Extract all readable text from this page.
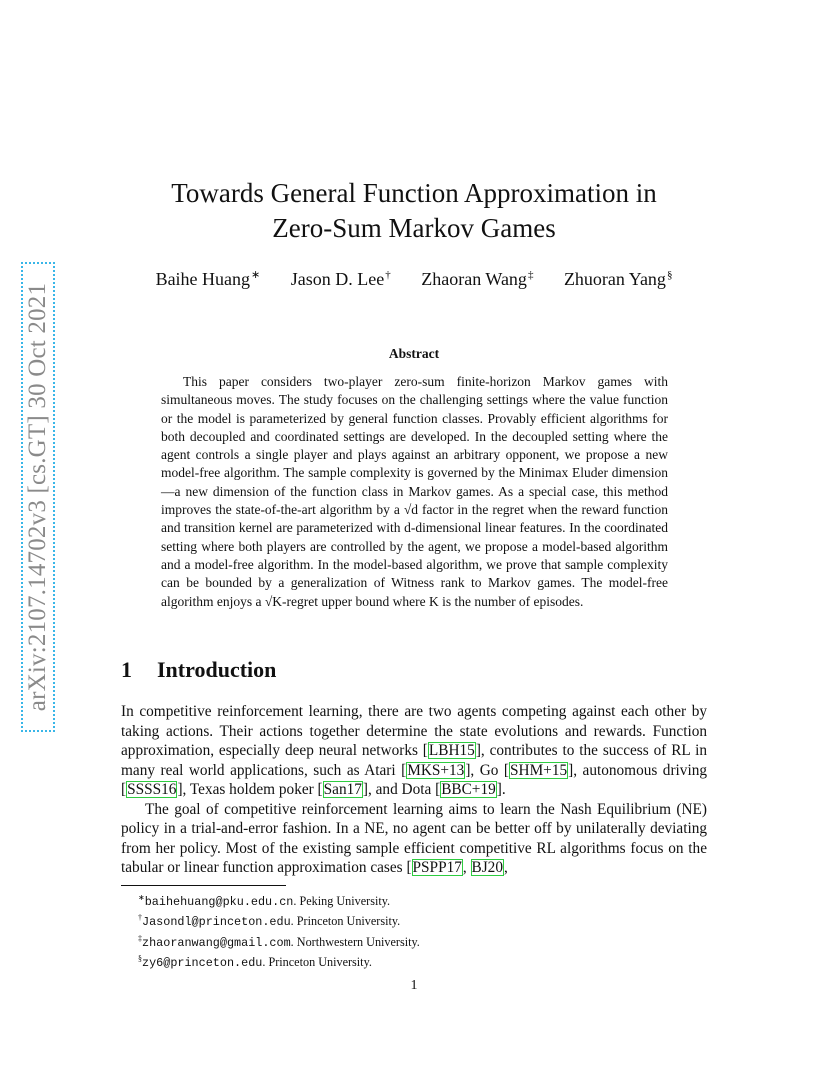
arXiv:2107.14702v3 [cs.GT] 30 Oct 2021
Towards General Function Approximation in
Zero-Sum Markov Games
Baihe Huang∗ Jason D. Lee† Zhaoran Wang‡ Zhuoran Yang§
Abstract

This paper considers two-player zero-sum finite-horizon Markov games with simultaneous moves. The study focuses on the challenging settings where the value function or the model is parameterized by general function classes. Provably efficient algorithms for both decoupled and coordinated settings are developed. In the decoupled setting where the agent controls a single player and plays against an arbitrary opponent, we propose a new model-free algorithm. The sample complexity is governed by the Minimax Eluder dimension—a new dimension of the function class in Markov games. As a special case, this method improves the state-of-the-art algorithm by a √d factor in the regret when the reward function and transition kernel are parameterized with d-dimensional linear features. In the coordinated setting where both players are controlled by the agent, we propose a model-based algorithm and a model-free algorithm. In the model-based algorithm, we prove that sample complexity can be bounded by a generalization of Witness rank to Markov games. The model-free algorithm enjoys a √K-regret upper bound where K is the number of episodes.

1 Introduction

In competitive reinforcement learning, there are two agents competing against each other by taking actions. Their actions together determine the state evolutions and rewards. Function approximation, especially deep neural networks [LBH15], contributes to the success of RL in many real world applications, such as Atari [MKS+13], Go [SHM+15], autonomous driving [SSSS16], Texas holdem poker [San17], and Dota [BBC+19].

The goal of competitive reinforcement learning aims to learn the Nash Equilibrium (NE) policy in a trial-and-error fashion. In a NE, no agent can be better off by unilaterally deviating from her policy. Most of the existing sample efficient competitive RL algorithms focus on the tabular or linear function approximation cases [PSPP17, BJ20,

∗baihehuang@pku.edu.cn. Peking University.
†Jasondl@princeton.edu. Princeton University.
‡zhaoranwang@gmail.com. Northwestern University.
§zy6@princeton.edu. Princeton University.
1
